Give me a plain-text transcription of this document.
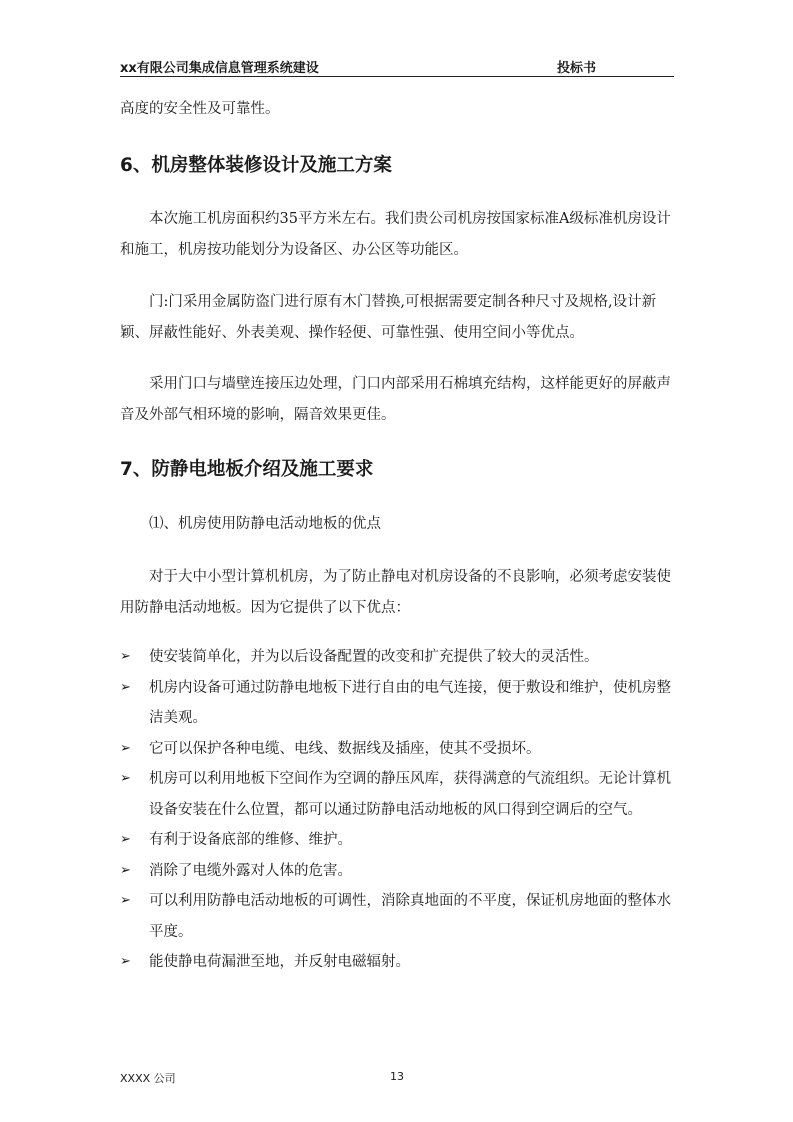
xx有限公司集成信息管理系统建设	投标书
高度的安全性及可靠性。
6、机房整体装修设计及施工方案
本次施工机房面积约35平方米左右。我们贵公司机房按国家标准A级标准机房设计和施工，机房按功能划分为设备区、办公区等功能区。
门:门采用金属防盗门进行原有木门替换,可根据需要定制各种尺寸及规格,设计新颖、屏蔽性能好、外表美观、操作轻便、可靠性强、使用空间小等优点。
采用门口与墙壁连接压边处理，门口内部采用石棉填充结构，这样能更好的屏蔽声音及外部气相环境的影响，隔音效果更佳。
7、防静电地板介绍及施工要求
⑴、机房使用防静电活动地板的优点
对于大中小型计算机机房，为了防止静电对机房设备的不良影响，必须考虑安装使用防静电活动地板。因为它提供了以下优点：
➢ 使安装简单化，并为以后设备配置的改变和扩充提供了较大的灵活性。
➢ 机房内设备可通过防静电地板下进行自由的电气连接，便于敷设和维护，使机房整洁美观。
➢ 它可以保护各种电缆、电线、数据线及插座，使其不受损坏。
➢ 机房可以利用地板下空间作为空调的静压风库，获得满意的气流组织。无论计算机设备安装在什么位置，都可以通过防静电活动地板的风口得到空调后的空气。
➢ 有利于设备底部的维修、维护。
➢ 消除了电缆外露对人体的危害。
➢ 可以利用防静电活动地板的可调性，消除真地面的不平度，保证机房地面的整体水平度。
➢ 能使静电荷漏泄至地，并反射电磁辐射。
XXXX 公司	13
